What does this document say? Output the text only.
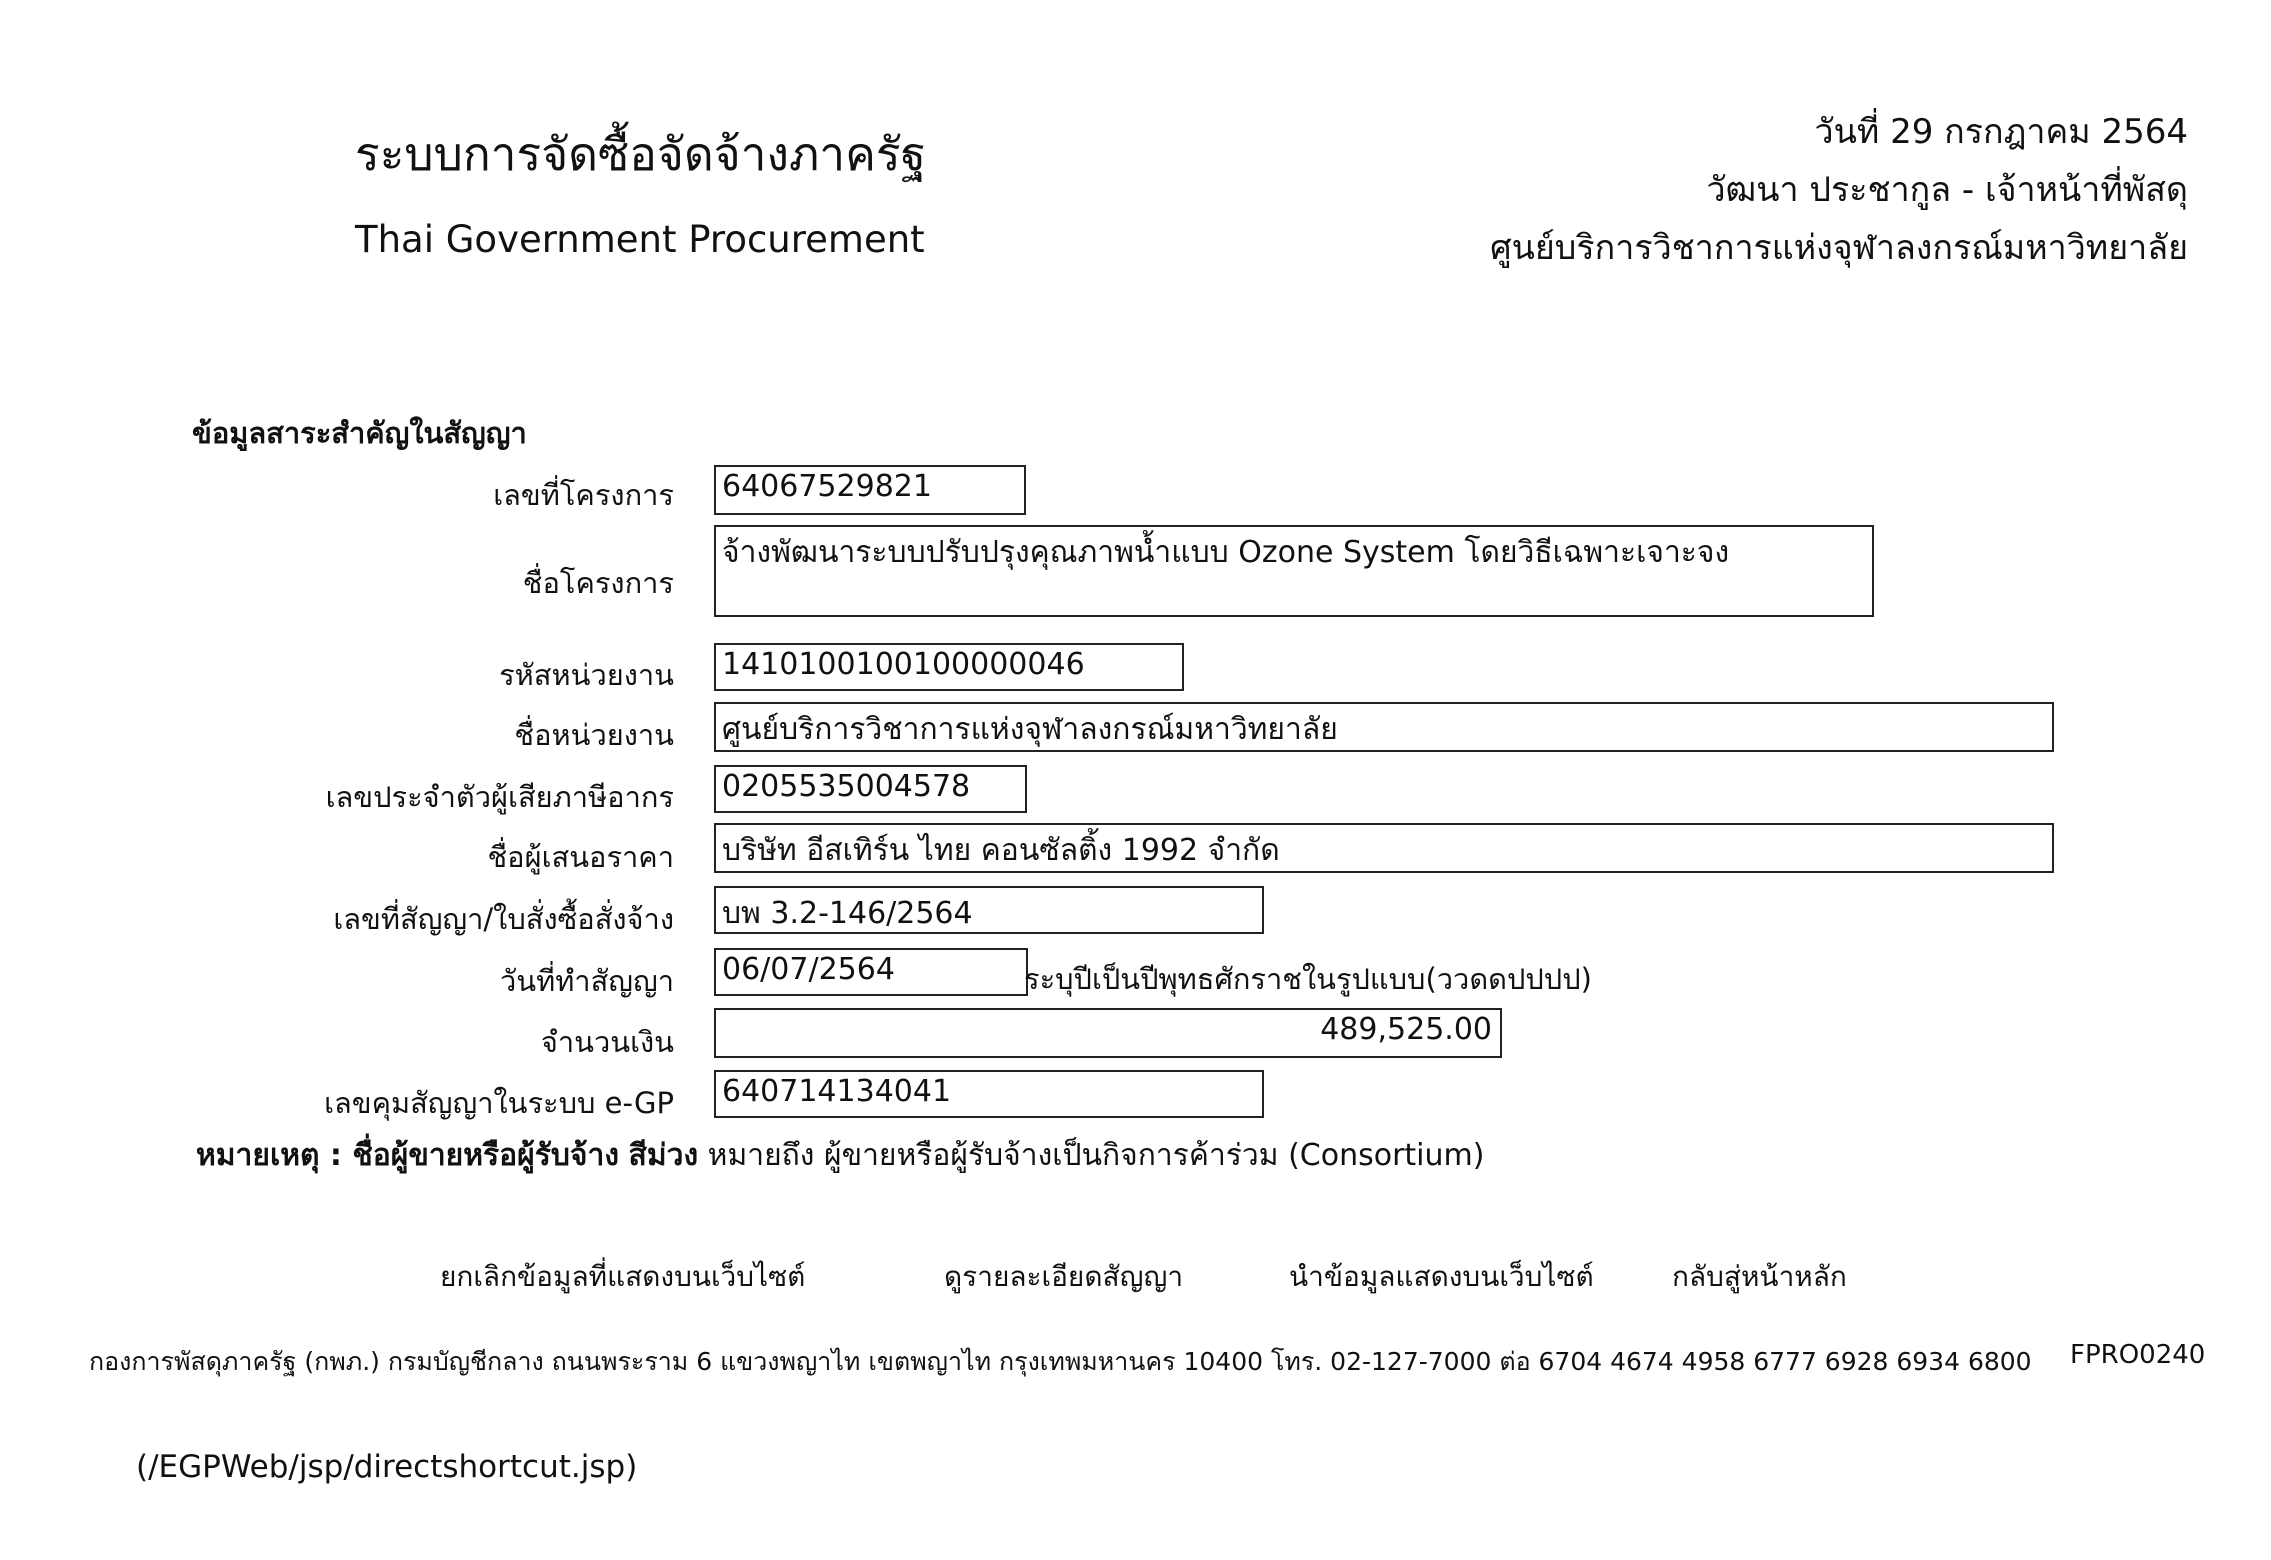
ระบบการจัดซื้อจัดจ้างภาครัฐ
Thai Government Procurement
วันที่ 29 กรกฎาคม 2564
วัฒนา ประชากูล - เจ้าหน้าที่พัสดุ
ศูนย์บริการวิชาการแห่งจุฬาลงกรณ์มหาวิทยาลัย
ข้อมูลสาระสำคัญในสัญญา
เลขที่โครงการ 64067529821
ชื่อโครงการ
จ้างพัฒนาระบบปรับปรุงคุณภาพน้ำแบบ Ozone System โดยวิธีเฉพาะเจาะจง
รหัสหน่วยงาน 1410100100100000046
ชื่อหน่วยงาน ศูนย์บริการวิชาการแห่งจุฬาลงกรณ์มหาวิทยาลัย
เลขประจำตัวผู้เสียภาษีอากร 0205535004578
ชื่อผู้เสนอราคา บริษัท อีสเทิร์น ไทย คอนซัลติ้ง 1992 จำกัด
เลขที่สัญญา/ใบสั่งซื้อสั่งจ้าง บพ 3.2-146/2564
วันที่ทำสัญญา 06/07/2564	ระบุปีเป็นปีพุทธศักราชในรูปแบบ(ววดดปปปป)
จำนวนเงิน	489,525.00
เลขคุมสัญญาในระบบ e-GP 640714134041
หมายเหตุ : ชื่อผู้ขายหรือผู้รับจ้าง สีม่วง หมายถึง ผู้ขายหรือผู้รับจ้างเป็นกิจการค้าร่วม (Consortium)
ยกเลิกข้อมูลที่แสดงบนเว็บไซต์	ดูรายละเอียดสัญญา	นำข้อมูลแสดงบนเว็บไซต์	กลับสู่หน้าหลัก
กองการพัสดุภาครัฐ (กพภ.) กรมบัญชีกลาง ถนนพระราม 6 แขวงพญาไท เขตพญาไท กรุงเทพมหานคร 10400 โทร. 02-127-7000 ต่อ 6704 4674 4958 6777 6928 6934 6800 FPRO0240
(/EGPWeb/jsp/directshortcut.jsp)
